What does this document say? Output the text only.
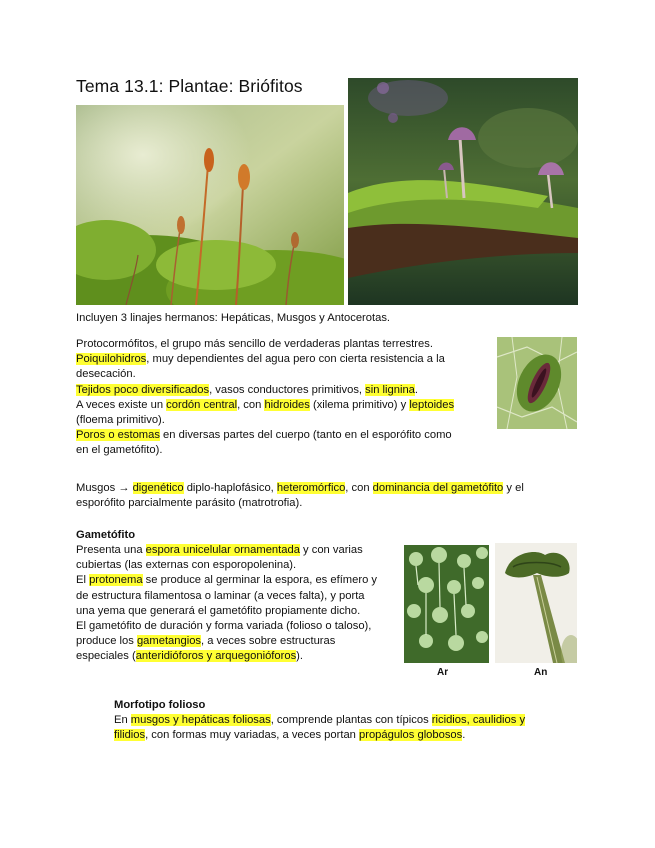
Tema 13.1: Plantae: Briófitos
Incluyen 3 linajes hermanos: Hepáticas, Musgos y Antocerotas.
Protocormófitos, el grupo más sencillo de verdaderas plantas terrestres.
Poiquilohidros, muy dependientes del agua pero con cierta resistencia a la
desecación.
Tejidos poco diversificados, vasos conductores primitivos, sin lignina.
A veces existe un cordón central, con hidroides (xilema primitivo) y leptoides
(floema primitivo).
Poros o estomas en diversas partes del cuerpo (tanto en el esporófito como
en el gametófito).
Musgos → digenético diplo-haplofásico, heteromórfico, con dominancia del gametófito y el
esporófito parcialmente parásito (matrotrofia).
Gametófito
Presenta una espora unicelular ornamentada y con varias
cubiertas (las externas con esporopolenina).
El protonema se produce al germinar la espora, es efímero y
de estructura filamentosa o laminar (a veces falta), y porta
una yema que generará el gametófito propiamente dicho.
El gametófito de duración y forma variada (folioso o taloso),
produce los gametangios, a veces sobre estructuras
especiales (anteridióforos y arquegonióforos).
Ar	An
Morfotipo folioso
En musgos y hepáticas foliosas, comprende plantas con típicos ricidios, caulidios y
filidios, con formas muy variadas, a veces portan propágulos globosos.
